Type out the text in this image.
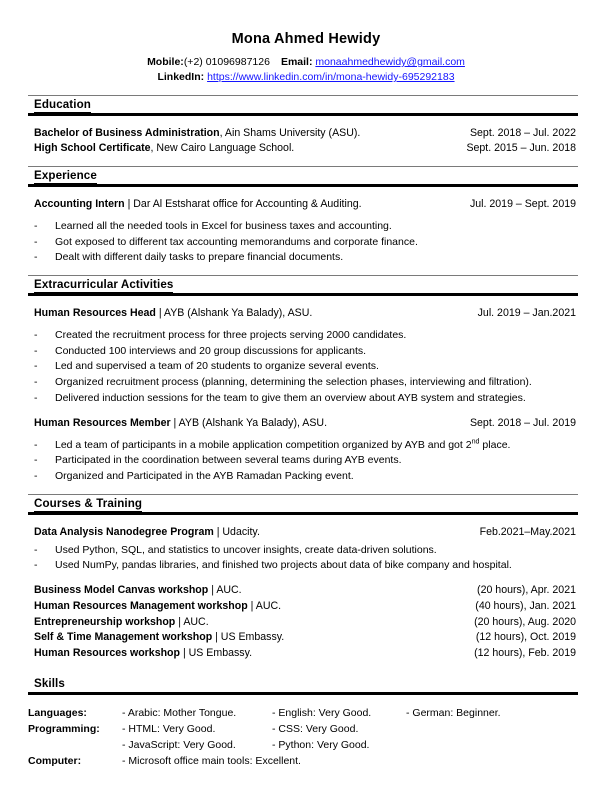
Mona Ahmed Hewidy
Mobile:(+2) 01096987126 Email: monaahmedhewidy@gmail.com
LinkedIn: https://www.linkedin.com/in/mona-hewidy-695292183
Education
Bachelor of Business Administration, Ain Shams University (ASU).	Sept. 2018 – Jul. 2022
High School Certificate, New Cairo Language School.	Sept. 2015 – Jun. 2018
Experience
Accounting Intern | Dar Al Estsharat office for Accounting & Auditing.	Jul. 2019 – Sept. 2019
-	Learned all the needed tools in Excel for business taxes and accounting.
-	Got exposed to different tax accounting memorandums and corporate finance.
-	Dealt with different daily tasks to prepare financial documents.
Extracurricular Activities
Human Resources Head | AYB (Alshank Ya Balady), ASU.	Jul. 2019 – Jan.2021
-	Created the recruitment process for three projects serving 2000 candidates.
-	Conducted 100 interviews and 20 group discussions for applicants.
-	Led and supervised a team of 20 students to organize several events.
-	Organized recruitment process (planning, determining the selection phases, interviewing and filtration).
-	Delivered induction sessions for the team to give them an overview about AYB system and strategies.
Human Resources Member | AYB (Alshank Ya Balady), ASU.	Sept. 2018 – Jul. 2019
-	Led a team of participants in a mobile application competition organized by AYB and got 2nd place.
-	Participated in the coordination between several teams during AYB events.
-	Organized and Participated in the AYB Ramadan Packing event.
Courses & Training
Data Analysis Nanodegree Program | Udacity.	Feb.2021–May.2021
-	Used Python, SQL, and statistics to uncover insights, create data-driven solutions.
-	Used NumPy, pandas libraries, and finished two projects about data of bike company and hospital.
Business Model Canvas workshop | AUC.	(20 hours), Apr. 2021
Human Resources Management workshop | AUC.	(40 hours), Jan. 2021
Entrepreneurship workshop | AUC.	(20 hours), Aug. 2020
Self & Time Management workshop | US Embassy.	(12 hours), Oct. 2019
Human Resources workshop | US Embassy.	(12 hours), Feb. 2019
Skills
Languages:	- Arabic: Mother Tongue.	- English: Very Good.	- German: Beginner.
Programming:	- HTML: Very Good.	- CSS: Very Good.	
	- JavaScript: Very Good.	- Python: Very Good.	
Computer:	- Microsoft office main tools: Excellent.		
